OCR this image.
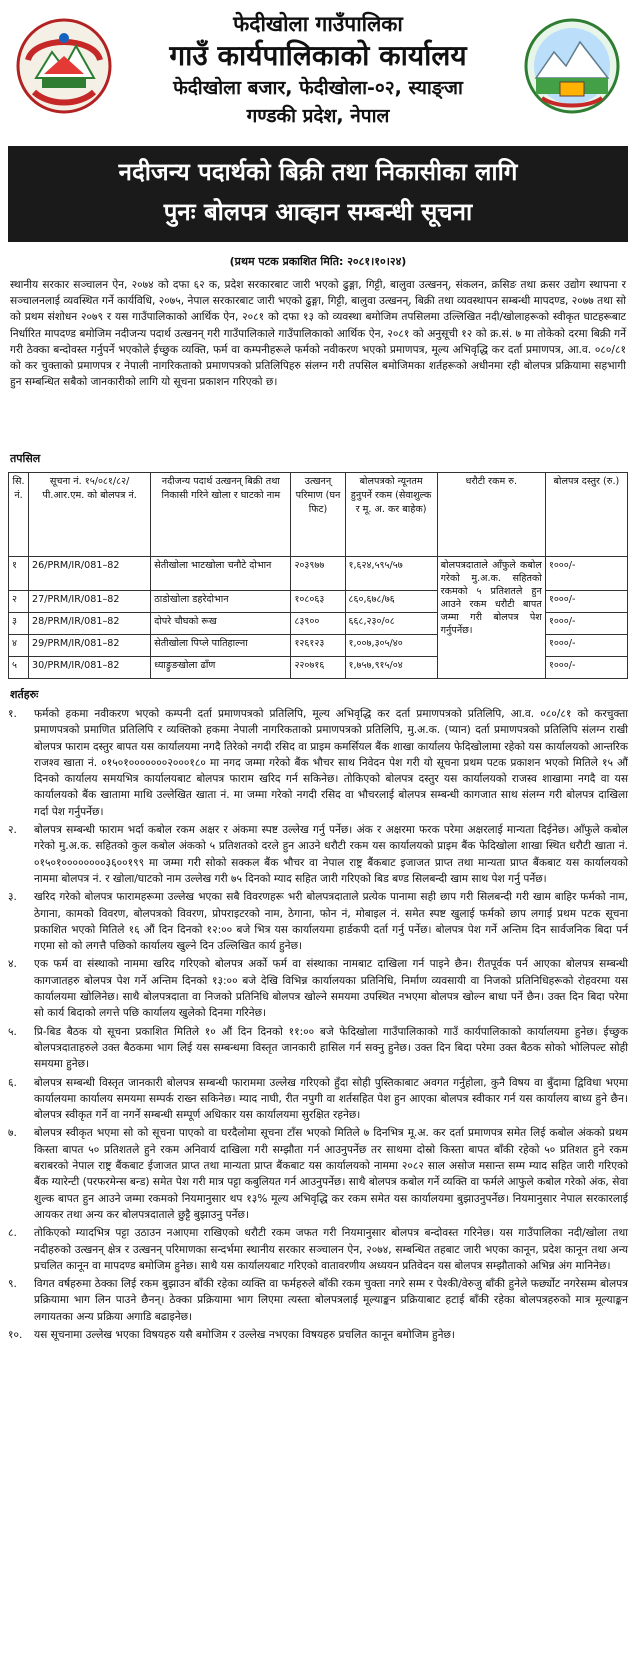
फेदीखोला गाउँपालिका
गाउँ कार्यपालिकाको कार्यालय
फेदीखोला बजार, फेदीखोला-०२, स्याङ्जा
गण्डकी प्रदेश, नेपाल
नदीजन्य पदार्थको बिक्री तथा निकासीका लागि
पुनः बोलपत्र आव्हान सम्बन्धी सूचना
(प्रथम पटक प्रकाशित मिति: २०८१।१०।२४)
स्थानीय सरकार सञ्चालन ऐन, २०७४ को दफा ६२ क, प्रदेश सरकारबाट जारी भएको ढुङ्गा, गिट्टी, बालुवा उत्खनन्, संकलन, क्रसिङ तथा क्रसर उद्योग स्थापना र सञ्चालनलाई व्यवस्थित गर्ने कार्यविधि, २०७५, नेपाल सरकारबाट जारी भएको ढुङ्गा, गिट्टी, बालुवा उत्खनन्, बिक्री तथा व्यवस्थापन सम्बन्धी मापदण्ड, २०७७ तथा सो को प्रथम संशोधन २०७९ र यस गाउँपालिकाको आर्थिक ऐन, २०८१ को दफा १३ को व्यवस्था बमोजिम तपसिलमा उल्लिखित नदी/खोलाहरूको स्वीकृत घाटहरूबाट निर्धारित मापदण्ड बमोजिम नदीजन्य पदार्थ उत्खनन् गरी गाउँपालिकाले गाउँपालिकाको आर्थिक ऐन, २०८१ को अनुसूची १२ को क्र.सं. ७ मा तोकेको दरमा बिक्री गर्ने गरी ठेक्का बन्दोवस्त गर्नुपर्ने भएकोले ईच्छुक व्यक्ति, फर्म वा कम्पनीहरूले फर्मको नवीकरण भएको प्रमाणपत्र, मूल्य अभिवृद्धि कर दर्ता प्रमाणपत्र, आ.व. ०८०/८१ को कर चुक्ताको प्रमाणपत्र र नेपाली नागरिकताको प्रमाणपत्रको प्रतिलिपिहरु संलग्न गरी तपसिल बमोजिमका शर्तहरूको अधीनमा रही बोलपत्र प्रक्रियामा सहभागी हुन सम्बन्धित सबैको जानकारीको लागि यो सूचना प्रकाशन गरिएको छ।
तपसिल
सि. नं.	सूचना नं. १५/०८१/८२/ पी.आर.एम. को बोलपत्र नं.	नदीजन्य पदार्थ उत्खनन् बिक्री तथा निकासी गरिने खोला र घाटको नाम	उत्खनन् परिमाण (घन फिट)	बोलपत्रको न्यूनतम हुनुपर्ने रकम (सेवाशुल्क र मू. अ. कर बाहेक)	धरौटी रकम रु.	बोलपत्र दस्तुर (रु.)
१	26/PRM/IR/081–82	सेतीखोला भाटखोला चनौटे दोभान	२०३९७७	१,६२४,५९५/५७	बोलपत्रदाताले आँफुले कबोल गरेको मु.अ.क. सहितको रकमको ५ प्रतिशतले हुन आउने रकम धरौटी बापत जम्मा गरी बोलपत्र पेश गर्नुपर्नेछ।	१०००/-
२	27/PRM/IR/081–82	ठाडोखोला डहरेदोभान	१०८०६३	८६०,६७८/७६		१०००/-
३	28/PRM/IR/081–82	दोपरे चौघको रूख	८३९००	६६८,२३०/०८		१०००/-
४	29/PRM/IR/081–82	सेतीखोला पिप्ले पातिहाल्ना	१२६१२३	१,००७,३०५/४०		१०००/-
५	30/PRM/IR/081–82	ध्याङ्रुङखोला ढाँण	२२०७१६	१,७५७,९१५/०४		१०००/-
शर्तहरुः
१.	फर्मको हकमा नवीकरण भएको कम्पनी दर्ता प्रमाणपत्रको प्रतिलिपि, मूल्य अभिवृद्धि कर दर्ता प्रमाणपत्रको प्रतिलिपि, आ.व. ०८०/८१ को करचुक्ता प्रमाणपत्रको प्रमाणित प्रतिलिपि र व्यक्तिको हकमा नेपाली नागरिकताको प्रमाणपत्रको प्रतिलिपि, मु.अ.क. (प्यान) दर्ता प्रमाणपत्रको प्रतिलिपि संलग्न राखी बोलपत्र फाराम दस्तुर बापत यस कार्यालयमा नगदै तिरेको नगदी रसिद वा प्राइम कमर्सियल बैंक शाखा कार्यालय फेदिखोलामा रहेको यस कार्यालयको आन्तरिक राजश्व खाता नं. ०१५०१०००००००२०००१८० मा नगद जम्मा गरेको बैंक भौचर साथ निवेदन पेश गरी यो सूचना प्रथम पटक प्रकाशन भएको मितिले १५ औं दिनको कार्यालय समयभित्र कार्यालयबाट बोलपत्र फाराम खरिद गर्न सकिनेछ। तोकिएको बोलपत्र दस्तुर यस कार्यालयको राजस्व शाखामा नगदै वा यस कार्यालयको बैंक खातामा माथि उल्लेखित खाता नं. मा जम्मा गरेको नगदी रसिद वा भौचरलाई बोलपत्र सम्बन्धी कागजात साथ संलग्न गरी बोलपत्र दाखिला गर्दा पेश गर्नुपर्नेछ।
२.	बोलपत्र सम्बन्धी फाराम भर्दा कबोल रकम अक्षर र अंकमा स्पष्ट उल्लेख गर्नु पर्नेछ। अंक र अक्षरमा फरक परेमा अक्षरलाई मान्यता दिईनेछ। आँफुले कबोल गरेको मु.अ.क. सहितको कुल कबोल अंकको ५ प्रतिशतको दरले हुन आउने धरौटी रकम यस कार्यालयको प्राइम बैंक फेदिखोला शाखा स्थित धरौटी खाता नं. ०१५०१००००००००३६००१९९ मा जम्मा गरी सोको सक्कल बैंक भौचर वा नेपाल राष्ट्र बैंकबाट इजाजत प्राप्त तथा मान्यता प्राप्त बैंकबाट यस कार्यालयको नाममा बोलपत्र नं. र खोला/घाटको नाम उल्लेख गरी ७५ दिनको म्याद सहित जारी गरिएको बिड बण्ड सिलबन्दी खाम साथ पेश गर्नु पर्नेछ।
३.	खरिद गरेको बोलपत्र फारामहरूमा उल्लेख भएका सबै विवरणहरू भरी बोलपत्रदाताले प्रत्येक पानामा सही छाप गरी सिलबन्दी गरी खाम बाहिर फर्मको नाम, ठेगाना, कामको विवरण, बोलपत्रको विवरण, प्रोपराइटरको नाम, ठेगाना, फोन नं, मोबाइल नं. समेत स्पष्ट खुलाई फर्मको छाप लगाई प्रथम पटक सूचना प्रकाशित भएको मितिले १६ औं दिन दिनको १२:०० बजे भित्र यस कार्यालयमा हार्डकपी दर्ता गर्नु पर्नेछ। बोलपत्र पेश गर्ने अन्तिम दिन सार्वजनिक बिदा पर्न गएमा सो को लगत्तै पछिको कार्यालय खुल्ने दिन उल्लिखित कार्य हुनेछ।
४.	एक फर्म वा संस्थाको नाममा खरिद गरिएको बोलपत्र अर्को फर्म वा संस्थाका नामबाट दाखिला गर्न पाइने छैन। रीतपूर्वक पर्न आएका बोलपत्र सम्बन्धी कागजातहरु बोलपत्र पेश गर्ने अन्तिम दिनको १३:०० बजे देखि विभिन्न कार्यालयका प्रतिनिधि, निर्माण व्यवसायी वा निजको प्रतिनिधिहरूको रोहवरमा यस कार्यालयमा खोलिनेछ। साथै बोलपत्रदाता वा निजको प्रतिनिधि बोलपत्र खोल्ने समयमा उपस्थित नभएमा बोलपत्र खोल्न बाधा पर्ने छैन। उक्त दिन बिदा परेमा सो कार्य बिदाको लगत्ते पछि कार्यालय खुलेको दिनमा गरिनेछ।
५.	प्रि-बिड बैठक यो सूचना प्रकाशित मितिले १० औं दिन दिनको ११:०० बजे फेदिखोला गाउँपालिकाको गाउँ कार्यपालिकाको कार्यालयमा हुनेछ। ईच्छुक बोलपत्रदाताहरुले उक्त बैठकमा भाग लिई यस सम्बन्धमा विस्तृत जानकारी हासिल गर्न सक्नु हुनेछ। उक्त दिन बिदा परेमा उक्त बैठक सोको भोलिपल्ट सोही समयमा हुनेछ।
६.	बोलपत्र सम्बन्धी विस्तृत जानकारी बोलपत्र सम्बन्धी फाराममा उल्लेख गरिएको हुँदा सोही पुस्तिकाबाट अवगत गर्नुहोला, कुनै विषय वा बुँदामा द्विविधा भएमा कार्यालयमा कार्यालय समयमा सम्पर्क राख्न सकिनेछ। म्याद नाघी, रीत नपुगी वा शर्तसहित पेश हुन आएका बोलपत्र स्वीकार गर्न यस कार्यालय बाध्य हुने छैन। बोलपत्र स्वीकृत गर्ने वा नगर्ने सम्बन्धी सम्पूर्ण अधिकार यस कार्यालयमा सुरक्षित रहनेछ।
७.	बोलपत्र स्वीकृत भएमा सो को सूचना पाएको वा घरदैलोमा सूचना टाँस भएको मितिले ७ दिनभित्र मू.अ. कर दर्ता प्रमाणपत्र समेत लिई कबोल अंकको प्रथम किस्ता बापत ५० प्रतिशतले हुने रकम अनिवार्य दाखिला गरी सम्झौता गर्न आउनुपर्नेछ तर साथमा दोस्रो किस्ता बापत बाँकी रहेको ५० प्रतिशत हुने रकम बराबरको नेपाल राष्ट्र बैंकबाट ईजाजत प्राप्त तथा मान्यता प्राप्त बैंकबाट यस कार्यालयको नाममा २०८२ साल असोज मसान्त सम्म म्याद सहित जारी गरिएको बैंक ग्यारेन्टी (परफरमेन्स बन्ड) समेत पेश गरी मात्र पट्टा कबुलियत गर्न आउनुपर्नेछ। साथै बोलपत्र कबोल गर्ने व्यक्ति वा फर्मले आफुले कबोल गरेको अंक, सेवा शुल्क बापत हुन आउने जम्मा रकमको नियमानुसार थप १३% मूल्य अभिवृद्धि कर रकम समेत यस कार्यालयमा बुझाउनुपर्नेछ। नियमानुसार नेपाल सरकारलाई आयकर तथा अन्य कर बोलपत्रदाताले छुट्टै बुझाउनु पर्नेछ।
८.	तोकिएको म्यादभित्र पट्टा उठाउन नआएमा राखिएको धरौटी रकम जफत गरी नियमानुसार बोलपत्र बन्दोवस्त गरिनेछ। यस गाउँपालिका नदी/खोला तथा नदीहरुको उत्खनन् क्षेत्र र उत्खनन् परिमाणका सन्दर्भमा स्थानीय सरकार सञ्चालन ऐन, २०७४, सम्बन्धित तहबाट जारी भएका कानून, प्रदेश कानून तथा अन्य प्रचलित कानून वा मापदण्ड बमोजिम हुनेछ। साथै यस कार्यालयबाट गरिएको वातावरणीय अध्ययन प्रतिवेदन यस बोलपत्र सम्झौताको अभिन्न अंग मानिनेछ।
९.	विगत वर्षहरुमा ठेक्का लिई रकम बुझाउन बाँकी रहेका व्यक्ति वा फर्महरुले बाँकी रकम चुक्ता नगरे सम्म र पेश्की/वेरुजु बाँकी हुनेले फर्छ्योट नगरेसम्म बोलपत्र प्रक्रियामा भाग लिन पाउने छैनन्। ठेक्का प्रक्रियामा भाग लिएमा त्यस्ता बोलपत्रलाई मूल्याङ्कन प्रक्रियाबाट हटाई बाँकी रहेका बोलपत्रहरुको मात्र मूल्याङ्कन लगायतका अन्य प्रक्रिया अगाडि बढाइनेछ।
१०.	यस सूचनामा उल्लेख भएका विषयहरु यसै बमोजिम र उल्लेख नभएका विषयहरु प्रचलित कानून बमोजिम हुनेछ।
